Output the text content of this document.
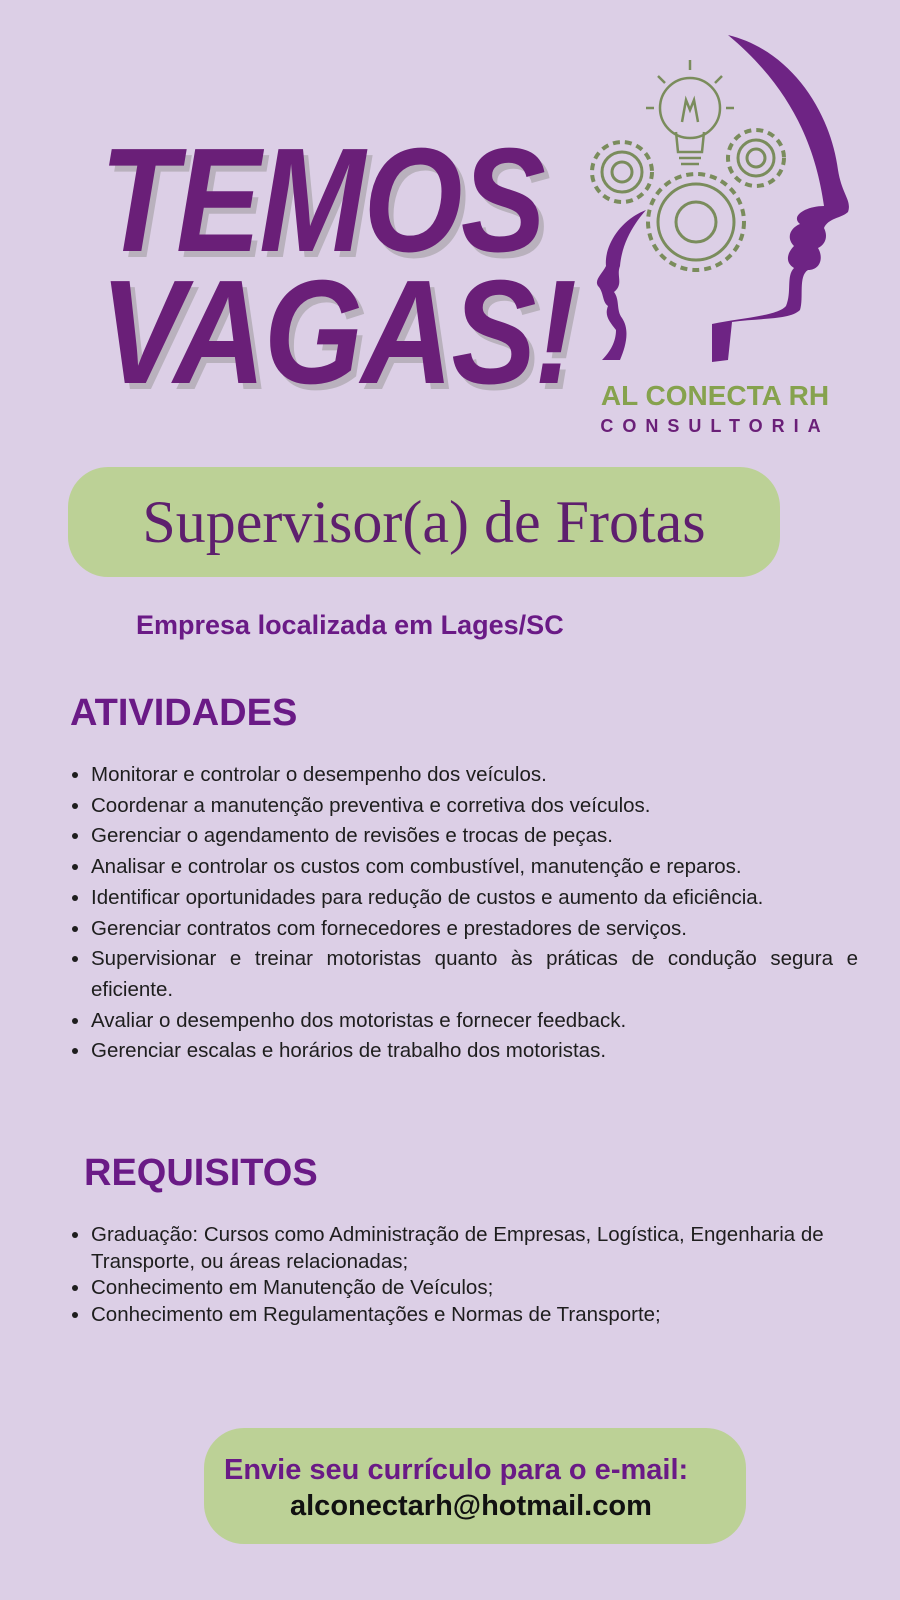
TEMOS
VAGAS! AL CONECTA RH
CONSULTORIA
Supervisor(a) de Frotas
Empresa localizada em Lages/SC
ATIVIDADES
• Monitorar e controlar o desempenho dos veículos.
• Coordenar a manutenção preventiva e corretiva dos veículos.
• Gerenciar o agendamento de revisões e trocas de peças.
• Analisar e controlar os custos com combustível, manutenção e reparos.
• Identificar oportunidades para redução de custos e aumento da eficiência.
• Gerenciar contratos com fornecedores e prestadores de serviços.
• Supervisionar e treinar motoristas quanto às práticas de condução segura e eficiente.
• Avaliar o desempenho dos motoristas e fornecer feedback.
• Gerenciar escalas e horários de trabalho dos motoristas.
REQUISITOS
• Graduação: Cursos como Administração de Empresas, Logística, Engenharia de Transporte, ou áreas relacionadas;
• Conhecimento em Manutenção de Veículos;
• Conhecimento em Regulamentações e Normas de Transporte;
Envie seu currículo para o e-mail:
alconectarh@hotmail.com
